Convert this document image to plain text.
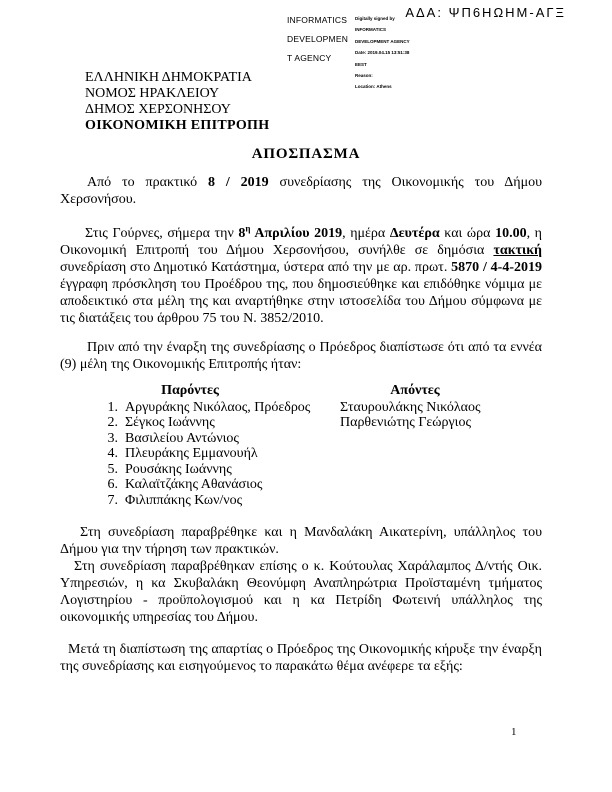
ΑΔΑ: ΨΠ6ΗΩΗΜ-ΑΓΞ
INFORMATICS

DEVELOPMEN

T AGENCY
Digitally signed by

INFORMATICS

DEVELOPMENT AGENCY

Date: 2019.04.15 13:51:38

EEST

Reason:

Location: Athens
ΕΛΛΗΝΙΚΗ ΔΗΜΟΚΡΑΤΙΑ
ΝΟΜΟΣ ΗΡΑΚΛΕΙΟΥ
ΔΗΜΟΣ ΧΕΡΣΟΝΗΣΟΥ
ΟΙΚΟΝΟΜΙΚΗ ΕΠΙΤΡΟΠΗ
ΑΠΟΣΠΑΣΜΑ

Από το πρακτικό 8 / 2019 συνεδρίασης της Οικονομικής του Δήμου Χερσονήσου.

Στις Γούρνες, σήμερα την $8^\eta$ Απριλίου 2019, ημέρα Δευτέρα και ώρα 10.00, η Οικονομική Επιτροπή του Δήμου Χερσονήσου, συνήλθε σε δημόσια τακτική συνεδρίαση στο Δημοτικό Κατάστημα, ύστερα από την με αρ. πρωτ. 5870 / 4-4-2019 έγγραφη πρόσκληση του Προέδρου της, που δημοσιεύθηκε και επιδόθηκε νόμιμα με αποδεικτικό στα μέλη της και αναρτήθηκε στην ιστοσελίδα του Δήμου σύμφωνα με τις διατάξεις του άρθρου 75 του Ν. 3852/2010.

Πριν από την έναρξη της συνεδρίασης ο Πρόεδρος διαπίστωσε ότι από τα εννέα (9) μέλη της Οικονομικής Επιτροπής ήταν:

Παρόντες
1. Αργυράκης Νικόλαος, Πρόεδρος
2. Σέγκος Ιωάννης
3. Βασιλείου Αντώνιος
4. Πλευράκης Εμμανουήλ
5. Ρουσάκης Ιωάννης
6. Καλαϊτζάκης Αθανάσιος
7. Φιλιππάκης Κων/νος
Απόντες
Σταυρουλάκης Νικόλαος
Παρθενιώτης Γεώργιος

Στη συνεδρίαση παραβρέθηκε και η Μανδαλάκη Αικατερίνη, υπάλληλος του Δήμου για την τήρηση των πρακτικών.

Στη συνεδρίαση παραβρέθηκαν επίσης ο κ. Κούτουλας Χαράλαμπος Δ/ντής Οικ. Υπηρεσιών, η κα Σκυβαλάκη Θεονύμφη Αναπληρώτρια Προϊσταμένη τμήματος Λογιστηρίου - προϋπολογισμού και η κα Πετρίδη Φωτεινή υπάλληλος της οικονομικής υπηρεσίας του Δήμου.

Μετά τη διαπίστωση της απαρτίας ο Πρόεδρος της Οικονομικής κήρυξε την έναρξη της συνεδρίασης και εισηγούμενος το παρακάτω θέμα ανέφερε τα εξής:

1
